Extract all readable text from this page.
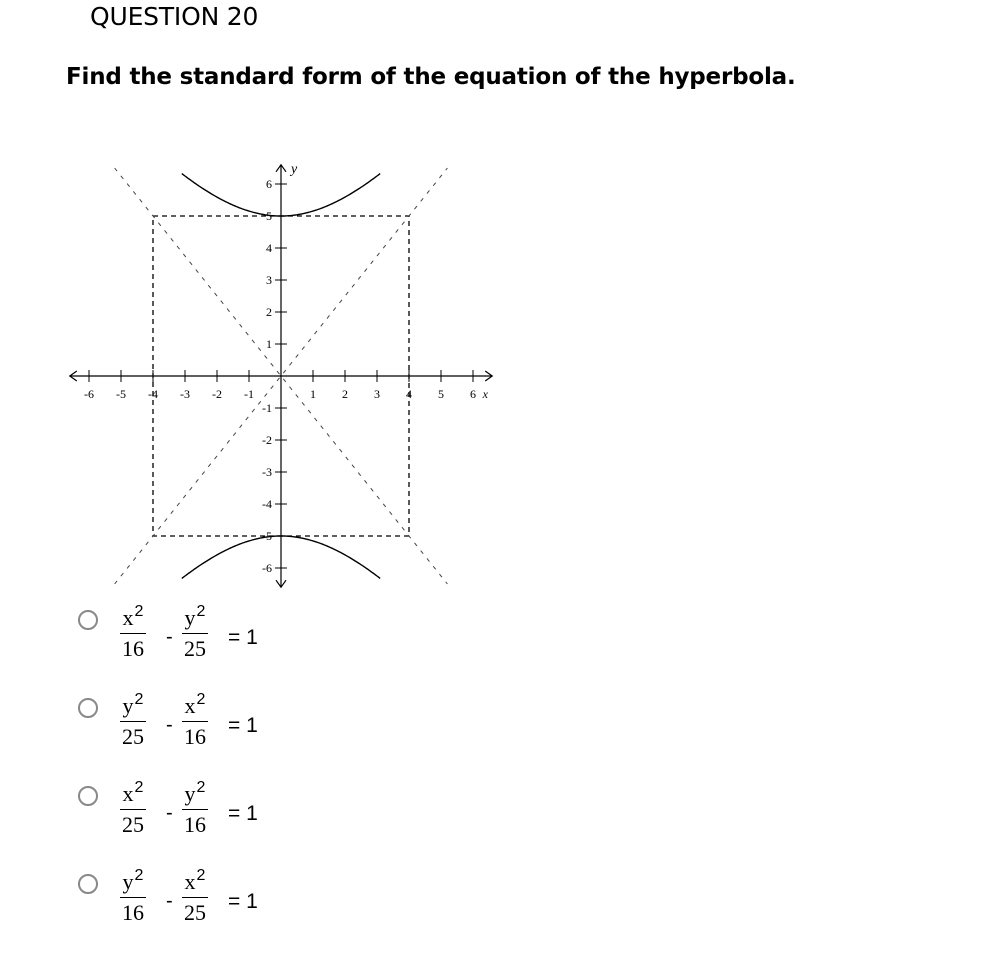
QUESTION 20
Find the standard form of the equation of the hyperbola.
-6 -5 -4 -3 -2 -1	1 2 3 4 5 6
6
5
4
3
2
1
-1
-2
-3
-4
-5
-6
x
y
$\frac{x^2}{16} - \frac{y^2}{25} = 1$
$\frac{y^2}{25} - \frac{x^2}{16} = 1$
$\frac{x^2}{25} - \frac{y^2}{16} = 1$
$\frac{y^2}{16} - \frac{x^2}{25} = 1$
